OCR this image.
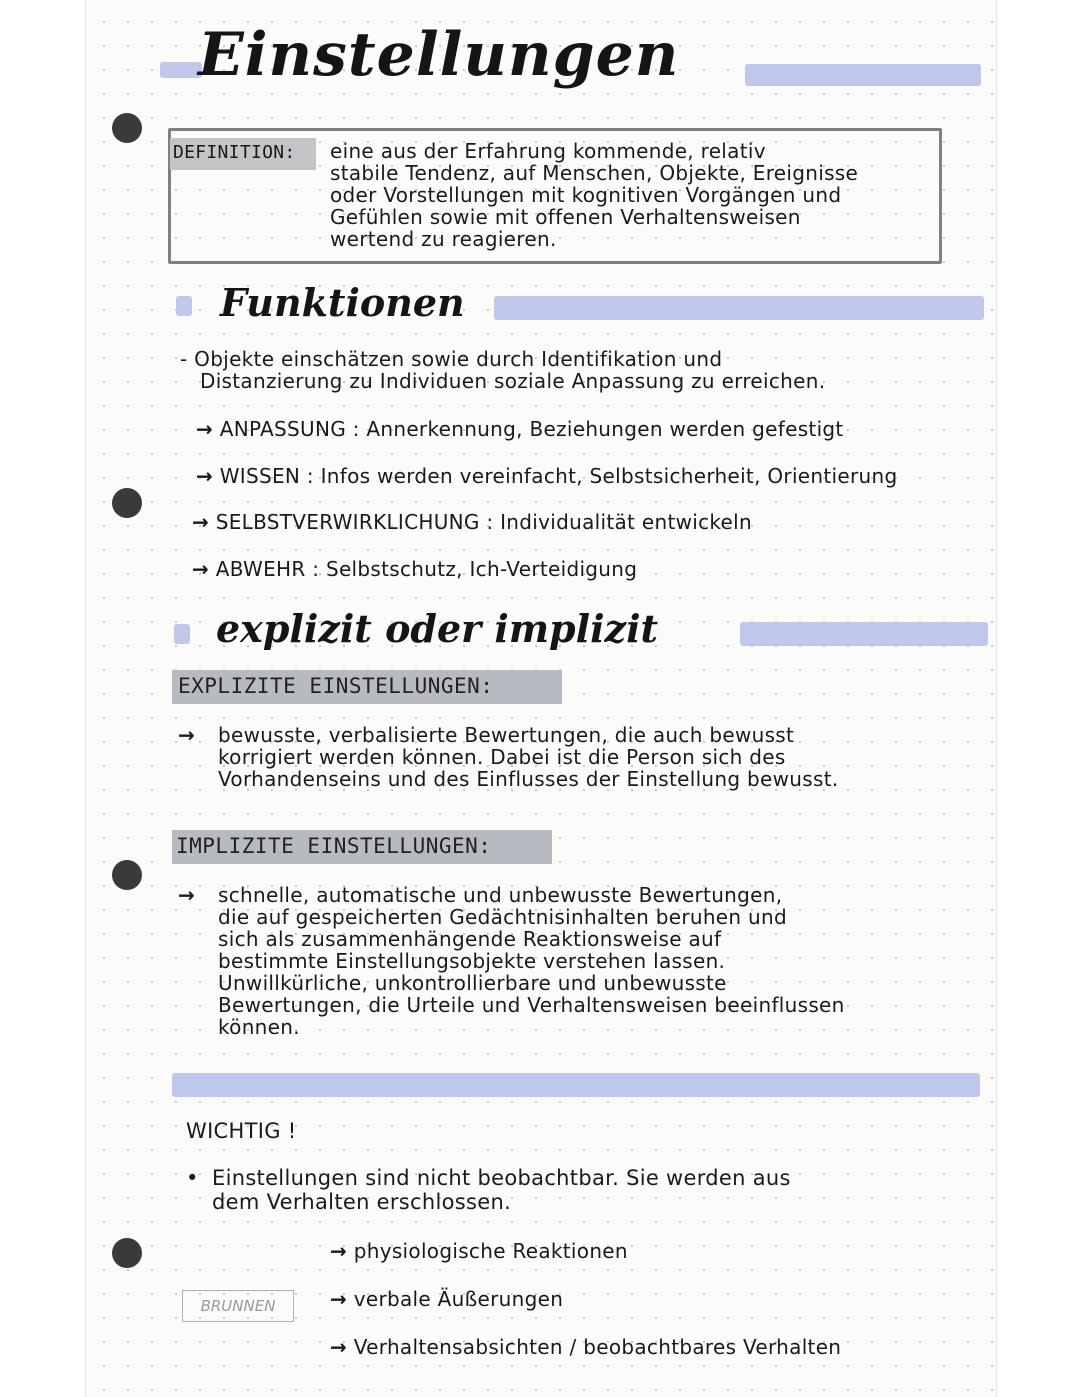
Einstellungen
DEFINITION: eine aus der Erfahrung kommende, relativ
stabile Tendenz, auf Menschen, Objekte, Ereignisse
oder Vorstellungen mit kognitiven Vorgängen und
Gefühlen sowie mit offenen Verhaltensweisen
wertend zu reagieren.
Funktionen
- Objekte einschätzen sowie durch Identifikation und
Distanzierung zu Individuen soziale Anpassung zu erreichen.
→ ANPASSUNG : Annerkennung, Beziehungen werden gefestigt
→ WISSEN : Infos werden vereinfacht, Selbstsicherheit, Orientierung
→ SELBSTVERWIRKLICHUNG : Individualität entwickeln
→ ABWEHR : Selbstschutz, Ich-Verteidigung
explizit oder implizit
EXPLIZITE EINSTELLUNGEN:
→	bewusste, verbalisierte Bewertungen, die auch bewusst
korrigiert werden können. Dabei ist die Person sich des
Vorhandenseins und des Einflusses der Einstellung bewusst.
IMPLIZITE EINSTELLUNGEN:
→	schnelle, automatische und unbewusste Bewertungen,
die auf gespeicherten Gedächtnisinhalten beruhen und
sich als zusammenhängende Reaktionsweise auf
bestimmte Einstellungsobjekte verstehen lassen.
Unwillkürliche, unkontrollierbare und unbewusste
Bewertungen, die Urteile und Verhaltensweisen beeinflussen
können.
WICHTIG !
• Einstellungen sind nicht beobachtbar. Sie werden aus
dem Verhalten erschlossen.
→ physiologische Reaktionen
→ verbale Äußerungen
→ Verhaltensabsichten / beobachtbares Verhalten
BRUNNEN
